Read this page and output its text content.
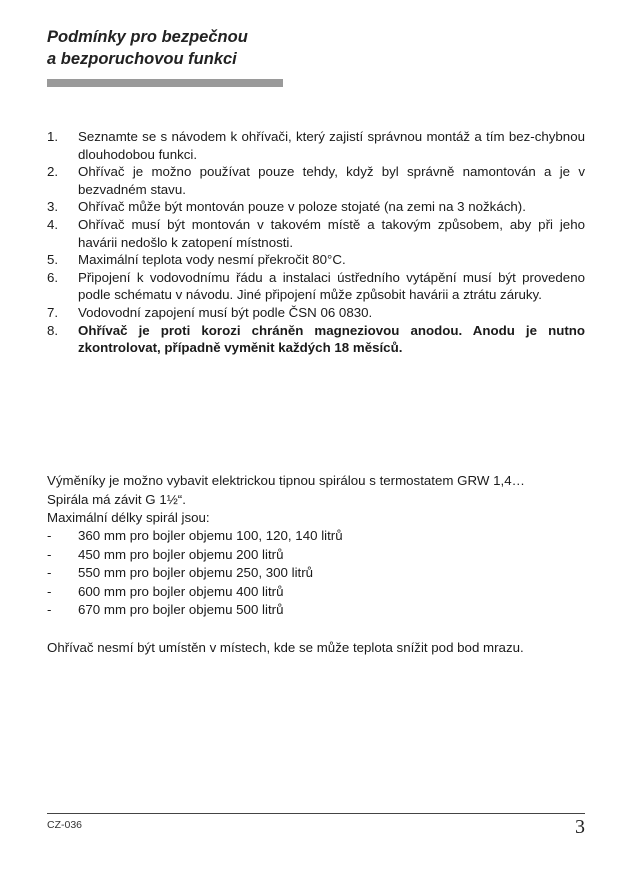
Podmínky pro bezpečnou
a bezporuchovou funkci
1.	Seznamte se s návodem k ohřívači, který zajistí správnou montáž a tím bez-chybnou dlouhodobou funkci.
2.	Ohřívač je možno používat pouze tehdy, když byl správně namontován a je v bezvadném stavu.
3.	Ohřívač může být montován pouze v poloze stojaté (na zemi na 3 nožkách).
4.	Ohřívač musí být montován v takovém místě a takovým způsobem, aby při jeho havárii nedošlo k zatopení místnosti.
5.	Maximální teplota vody nesmí překročit 80°C.
6.	Připojení k vodovodnímu řádu a instalaci ústředního vytápění musí být provedeno podle schématu v návodu. Jiné připojení může způsobit havárii a ztrátu záruky.
7.	Vodovodní zapojení musí být podle ČSN 06 0830.
8.	Ohřívač je proti korozi chráněn magneziovou anodou. Anodu je nutno zkontrolovat, případně vyměnit každých 18 měsíců.
Výměníky je možno vybavit elektrickou tipnou spirálou s termostatem GRW 1,4…
Spirála má závit G 1½“.
Maximální délky spirál jsou:
-	360 mm pro bojler objemu 100, 120, 140 litrů
-	450 mm pro bojler objemu 200 litrů
-	550 mm pro bojler objemu 250, 300 litrů
-	600 mm pro bojler objemu 400 litrů
-	670 mm pro bojler objemu 500 litrů
Ohřívač nesmí být umístěn v místech, kde se může teplota snížit pod bod mrazu.
CZ-036	3
